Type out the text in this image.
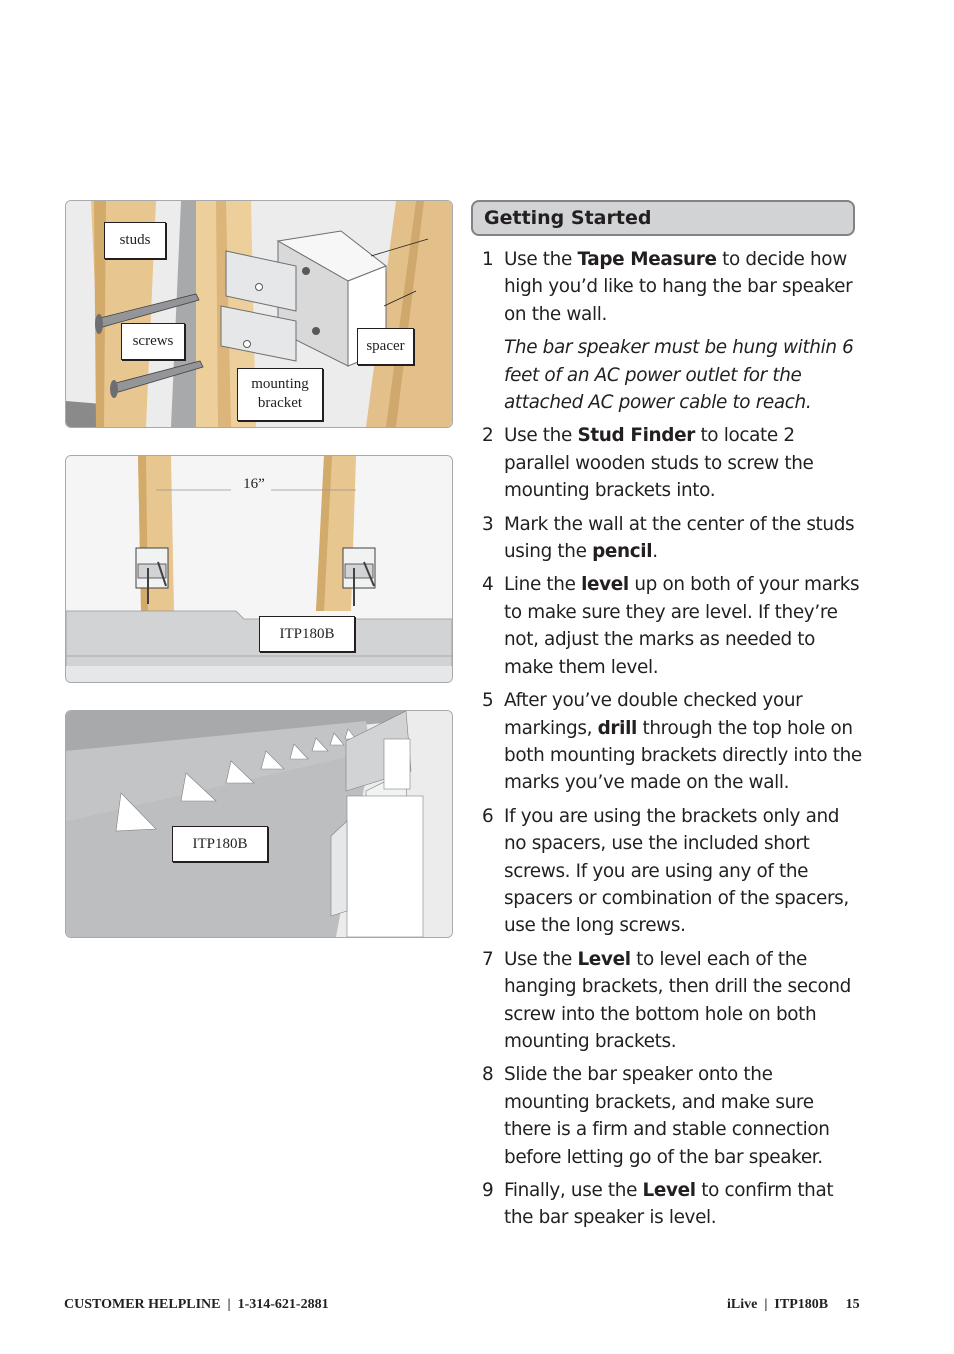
studs
screws
mounting
bracket
spacer
16”
ITP180B
ITP180B
Getting Started
1 Use the Tape Measure to decide how high you’d like to hang the bar speaker on the wall.
The bar speaker must be hung within 6 feet of an AC power outlet for the attached AC power cable to reach.
2 Use the Stud Finder to locate 2 parallel wooden studs to screw the mounting brackets into.
3 Mark the wall at the center of the studs using the pencil.
4 Line the level up on both of your marks to make sure they are level. If they’re not, adjust the marks as needed to make them level.
5 After you’ve double checked your markings, drill through the top hole on both mounting brackets directly into the marks you’ve made on the wall.
6 If you are using the brackets only and no spacers, use the included short screws. If you are using any of the spacers or combination of the spacers, use the long screws.
7 Use the Level to level each of the hanging brackets, then drill the second screw into the bottom hole on both mounting brackets.
8 Slide the bar speaker onto the mounting brackets, and make sure there is a firm and stable connection before letting go of the bar speaker.
9 Finally, use the Level to confirm that the bar speaker is level.
CUSTOMER HELPLINE  |  1-314-621-2881	iLive  |  ITP180B     15
